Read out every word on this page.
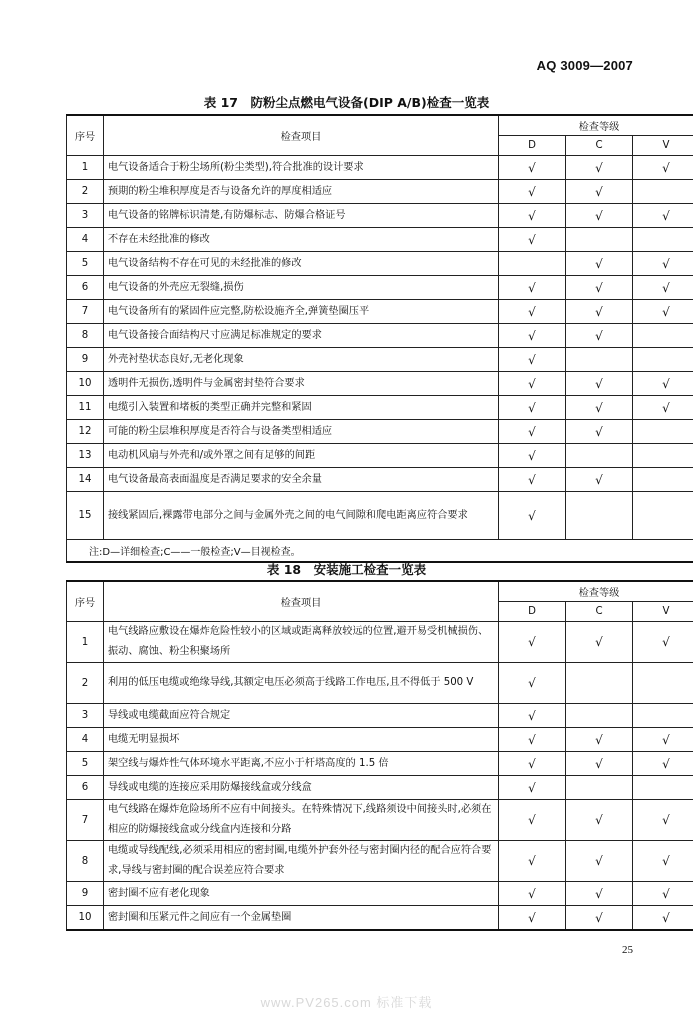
AQ 3009—2007
表 17　防粉尘点燃电气设备(DIP A/B)检查一览表
序号	检查项目	检查等级		
		D	C	V
1	电气设备适合于粉尘场所(粉尘类型),符合批准的设计要求	√	√	√
2	预期的粉尘堆积厚度是否与设备允许的厚度相适应	√	√	
3	电气设备的铭牌标识清楚,有防爆标志、防爆合格证号	√	√	√
4	不存在未经批准的修改	√		
5	电气设备结构不存在可见的未经批准的修改		√	√
6	电气设备的外壳应无裂缝,损伤	√	√	√
7	电气设备所有的紧固件应完整,防松设施齐全,弹簧垫圈压平	√	√	√
8	电气设备接合面结构尺寸应满足标准规定的要求	√	√	
9	外壳衬垫状态良好,无老化现象	√		
10	透明件无损伤,透明件与金属密封垫符合要求	√	√	√
11	电缆引入装置和堵板的类型正确并完整和紧固	√	√	√
12	可能的粉尘层堆积厚度是否符合与设备类型相适应	√	√	
13	电动机风扇与外壳和/或外罩之间有足够的间距	√		
14	电气设备最高表面温度是否满足要求的安全余量	√	√	
15	接线紧固后,裸露带电部分之间与金属外壳之间的电气间隙和爬电距离应符合要求	√		
注:D—详细检查;C——一般检查;V—目视检查。				
表 18　安装施工检查一览表
序号	检查项目	检查等级		
		D	C	V
1	电气线路应敷设在爆炸危险性较小的区域或距离释放较远的位置,避开易受机械损伤、振动、腐蚀、粉尘积聚场所	√	√	√
2	利用的低压电缆或绝缘导线,其额定电压必须高于线路工作电压,且不得低于 500 V	√		
3	导线或电缆截面应符合规定	√		
4	电缆无明显损坏	√	√	√
5	架空线与爆炸性气体环境水平距离,不应小于杆塔高度的 1.5 倍	√	√	√
6	导线或电缆的连接应采用防爆接线盒或分线盒	√		
7	电气线路在爆炸危险场所不应有中间接头。在特殊情况下,线路须设中间接头时,必须在相应的防爆接线盒或分线盒内连接和分路	√	√	√
8	电缆或导线配线,必须采用相应的密封圈,电缆外护套外径与密封圈内径的配合应符合要求,导线与密封圈的配合误差应符合要求	√	√	√
9	密封圈不应有老化现象	√	√	√
10	密封圈和压紧元件之间应有一个金属垫圈	√	√	√
25
www.PV265.com 标准下载
